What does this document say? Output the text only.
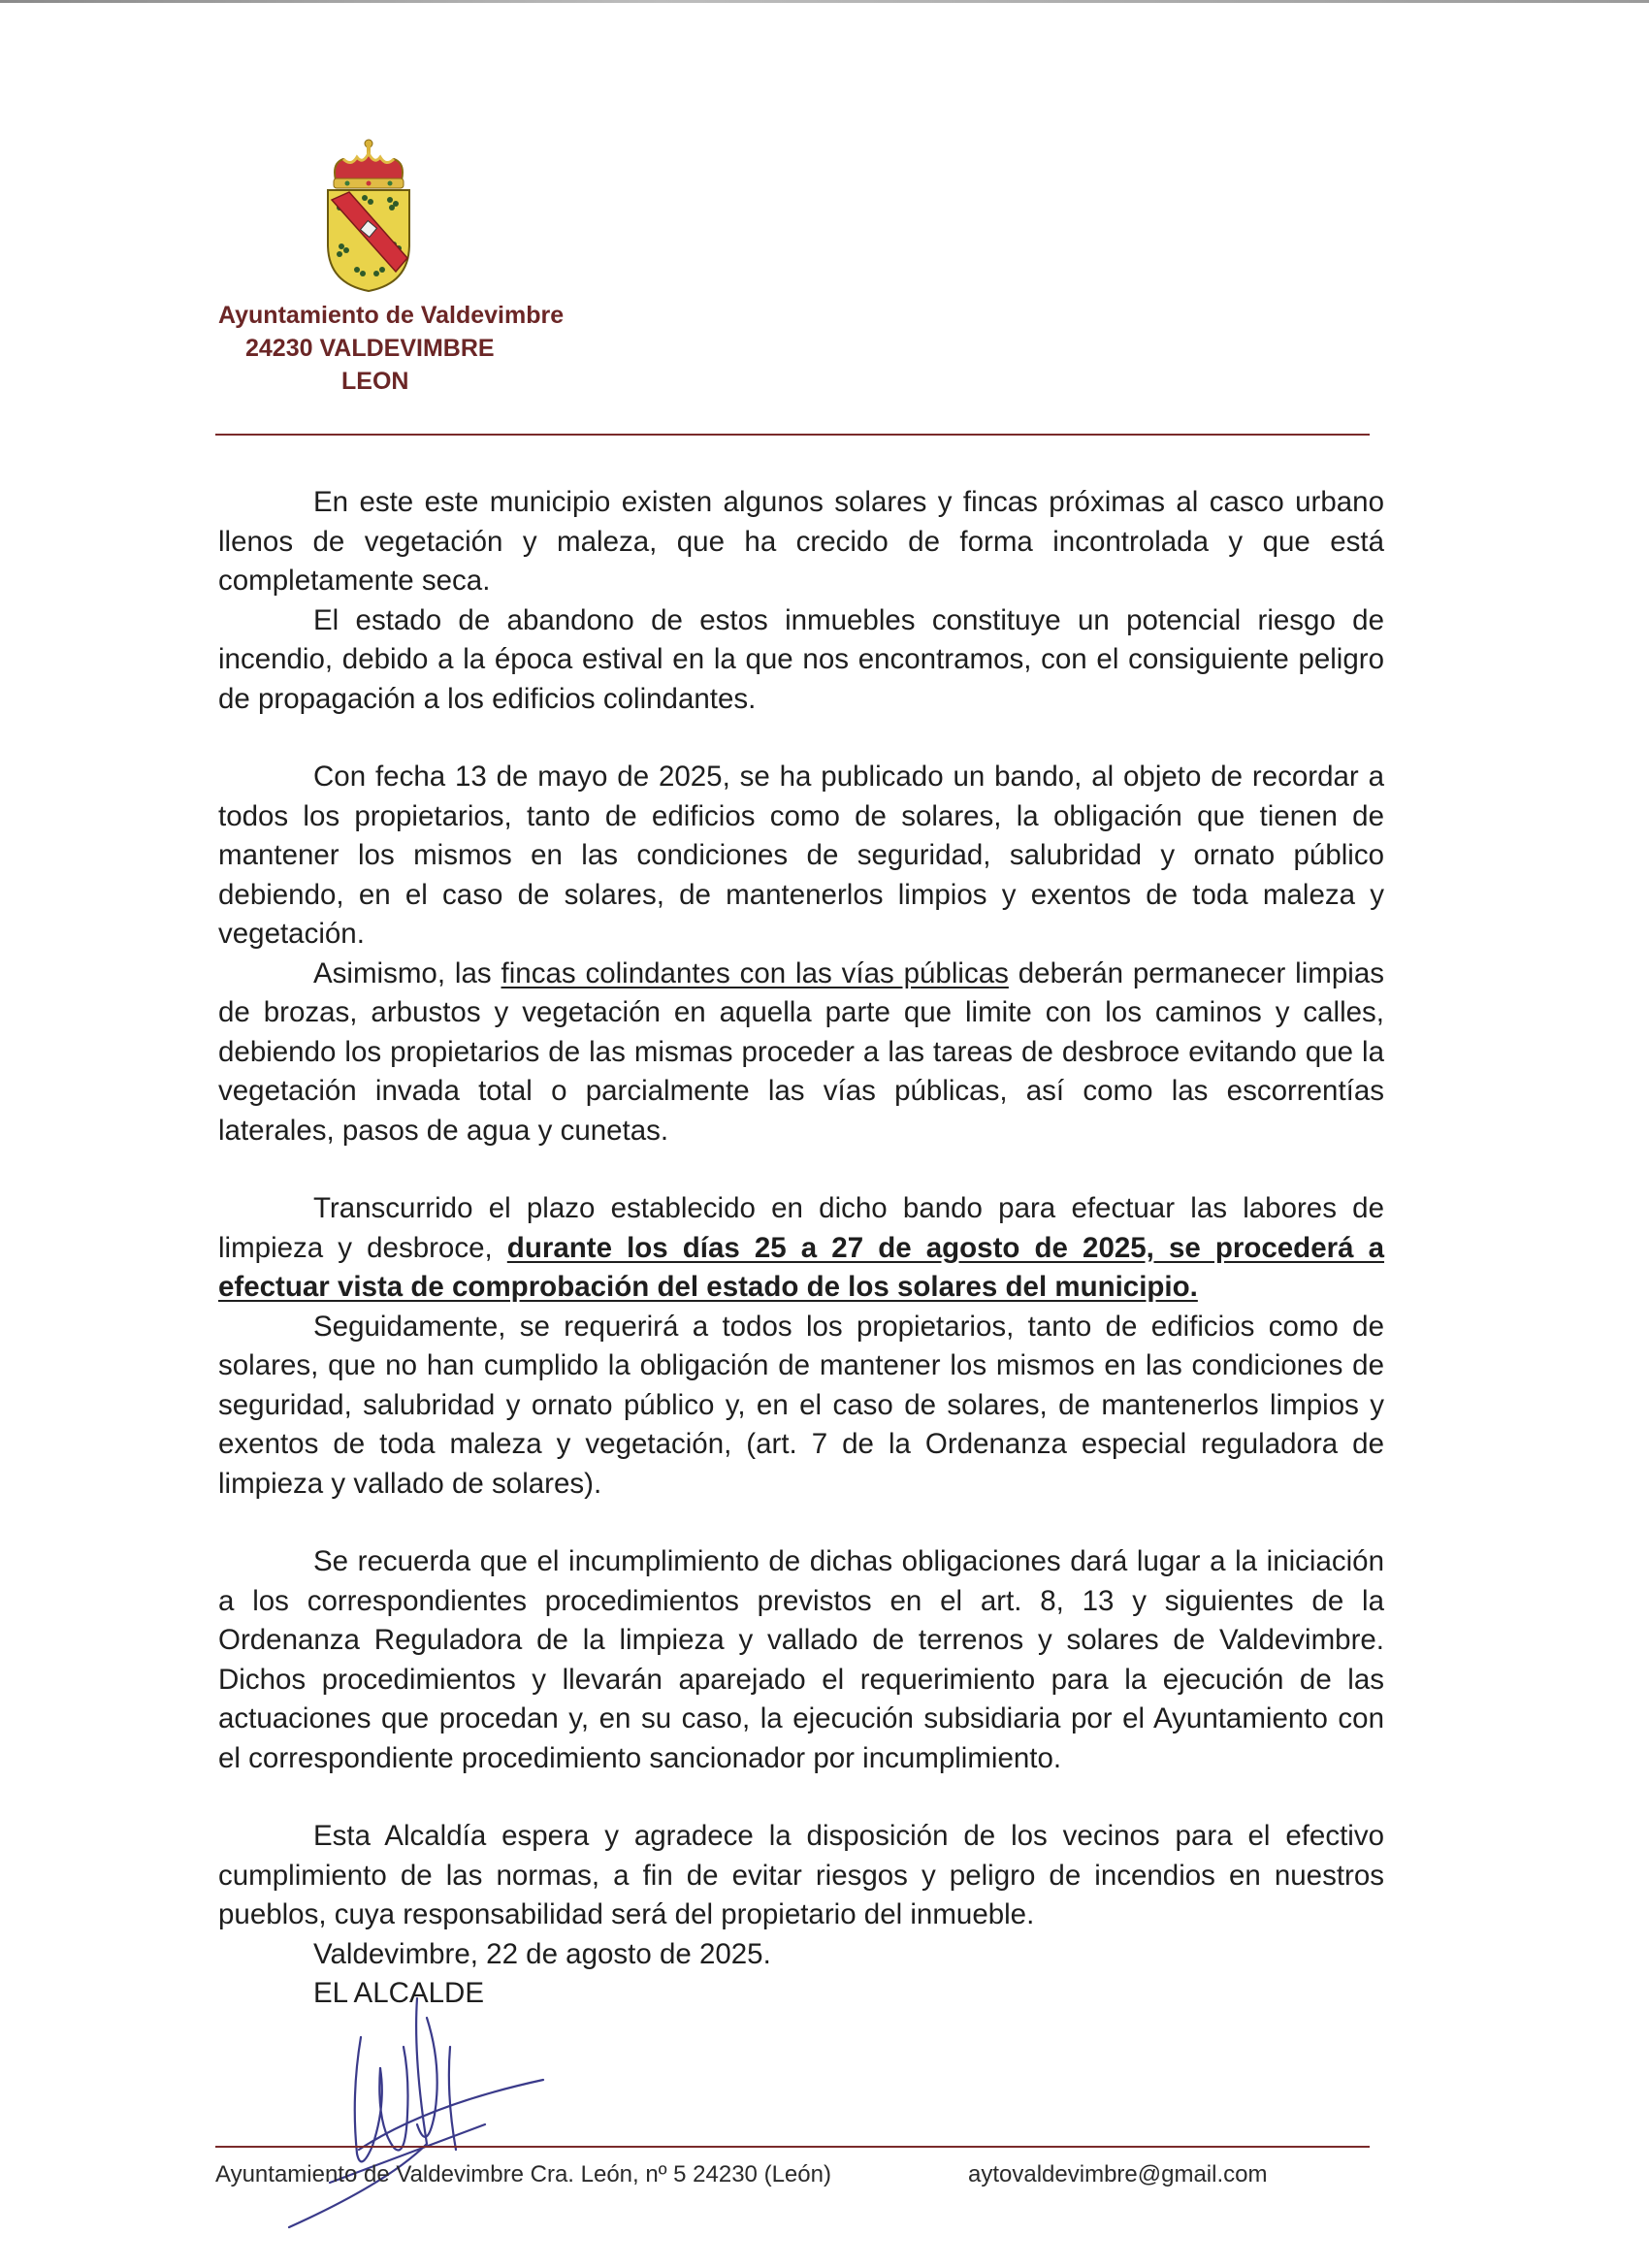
Ayuntamiento de Valdevimbre
24230 VALDEVIMBRE
LEON

En este este municipio existen algunos solares y fincas próximas al casco urbano llenos de vegetación y maleza, que ha crecido de forma incontrolada y que está completamente seca.

El estado de abandono de estos inmuebles constituye un potencial riesgo de incendio, debido a la época estival en la que nos encontramos, con el consiguiente peligro de propagación a los edificios colindantes.

Con fecha 13 de mayo de 2025, se ha publicado un bando, al objeto de recordar a todos los propietarios, tanto de edificios como de solares, la obligación que tienen de mantener los mismos en las condiciones de seguridad, salubridad y ornato público debiendo, en el caso de solares, de mantenerlos limpios y exentos de toda maleza y vegetación.

Asimismo, las fincas colindantes con las vías públicas deberán permanecer limpias de brozas, arbustos y vegetación en aquella parte que limite con los caminos y calles, debiendo los propietarios de las mismas proceder a las tareas de desbroce evitando que la vegetación invada total o parcialmente las vías públicas, así como las escorrentías laterales, pasos de agua y cunetas.

Transcurrido el plazo establecido en dicho bando para efectuar las labores de limpieza y desbroce, durante los días 25 a 27 de agosto de 2025, se procederá a efectuar vista de comprobación del estado de los solares del municipio.

Seguidamente, se requerirá a todos los propietarios, tanto de edificios como de solares, que no han cumplido la obligación de mantener los mismos en las condiciones de seguridad, salubridad y ornato público y, en el caso de solares, de mantenerlos limpios y exentos de toda maleza y vegetación, (art. 7 de la Ordenanza especial reguladora de limpieza y vallado de solares).

Se recuerda que el incumplimiento de dichas obligaciones dará lugar a la iniciación a los correspondientes procedimientos previstos en el art. 8, 13 y siguientes de la Ordenanza Reguladora de la limpieza y vallado de terrenos y solares de Valdevimbre. Dichos procedimientos y llevarán aparejado el requerimiento para la ejecución de las actuaciones que procedan y, en su caso, la ejecución subsidiaria por el Ayuntamiento con el correspondiente procedimiento sancionador por incumplimiento.

Esta Alcaldía espera y agradece la disposición de los vecinos para el efectivo cumplimiento de las normas, a fin de evitar riesgos y peligro de incendios en nuestros pueblos, cuya responsabilidad será del propietario del inmueble.

Valdevimbre, 22 de agosto de 2025.
EL ALCALDE
Ayuntamiento de Valdevimbre Cra. León, nº 5 24230 (León)	aytovaldevimbre@gmail.com
